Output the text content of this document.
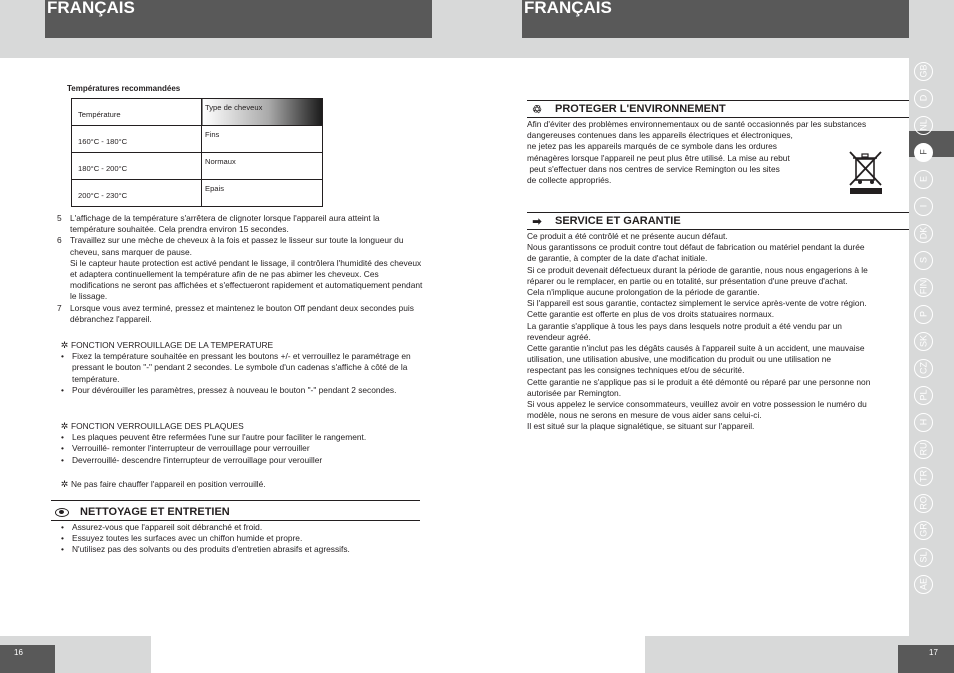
FRANÇAIS	FRANÇAIS
GB
D
NL
F
E
I
DK
S
FIN
P
SK
CZ
PL
H
RU
TR
RO
GR
SL
AE
Températures recommandées
Température	Type de cheveux
160°C - 180°C	Fins
180°C - 200°C	Normaux
200°C - 230°C	Epais
5 L'affichage de la température s'arrêtera de clignoter lorsque l'appareil aura atteint la température souhaitée. Cela prendra environ 15 secondes.
6 Travaillez sur une mèche de cheveux à la fois et passez le lisseur sur toute la longueur du cheveu, sans marquer de pause.
Si le capteur haute protection est activé pendant le lissage, il contrôlera l'humidité des cheveux et adaptera continuellement la température afin de ne pas abimer les cheveux. Ces modifications ne seront pas affichées et s'effectueront rapidement et automatiquement pendant le lissage.
7 Lorsque vous avez terminé, pressez et maintenez le bouton Off pendant deux secondes puis débranchez l'appareil.
✲ FONCTION VERROUILLAGE DE LA TEMPERATURE
• Fixez la température souhaitée en pressant les boutons +/- et verrouillez le paramétrage en pressant le bouton "-" pendant 2 secondes. Le symbole d'un cadenas s'affiche à côté de la température.
• Pour dévérouiller les paramètres, pressez à nouveau le bouton "-" pendant 2 secondes.
✲ FONCTION VERROUILLAGE DES PLAQUES
• Les plaques peuvent être refermées l'une sur l'autre pour faciliter le rangement.
• Verrouillé- remonter l'interrupteur de verrouillage pour verrouiller
• Deverrouillé- descendre l'interrupteur de verrouillage pour verouiller
✲ Ne pas faire chauffer l'appareil en position verrouillé.
NETTOYAGE ET ENTRETIEN
• Assurez-vous que l'appareil soit débranché et froid.
• Essuyez toutes les surfaces avec un chiffon humide et propre.
• N'utilisez pas des solvants ou des produits d'entretien abrasifs et agressifs.
♲ PROTEGER L'ENVIRONNEMENT
Afin d'éviter des problèmes environnementaux ou de santé occasionnés par les substances
dangereuses contenues dans les appareils électriques et électroniques,
ne jetez pas les appareils marqués de ce symbole dans les ordures
ménagères lorsque l'appareil ne peut plus être utilisé. La mise au rebut
peut s'effectuer dans nos centres de service Remington ou les sites
de collecte appropriés.
➡ SERVICE ET GARANTIE
Ce produit a été contrôlé et ne présente aucun défaut.
Nous garantissons ce produit contre tout défaut de fabrication ou matériel pendant la durée
de garantie, à compter de la date d'achat initiale.
Si ce produit devenait défectueux durant la période de garantie, nous nous engagerions à le
réparer ou le remplacer, en partie ou en totalité, sur présentation d'une preuve d'achat.
Cela n'implique aucune prolongation de la période de garantie.
Si l'appareil est sous garantie, contactez simplement le service après-vente de votre région.
Cette garantie est offerte en plus de vos droits statuaires normaux.
La garantie s'applique à tous les pays dans lesquels notre produit a été vendu par un
revendeur agréé.
Cette garantie n'inclut pas les dégâts causés à l'appareil suite à un accident, une mauvaise
utilisation, une utilisation abusive, une modification du produit ou une utilisation ne
respectant pas les consignes techniques et/ou de sécurité.
Cette garantie ne s'applique pas si le produit a été démonté ou réparé par une personne non
autorisée par Remington.
Si vous appelez le service consommateurs, veuillez avoir en votre possession le numéro du
modèle, nous ne serons en mesure de vous aider sans celui-ci.
Il est situé sur la plaque signalétique, se situant sur l'appareil.
16	17
